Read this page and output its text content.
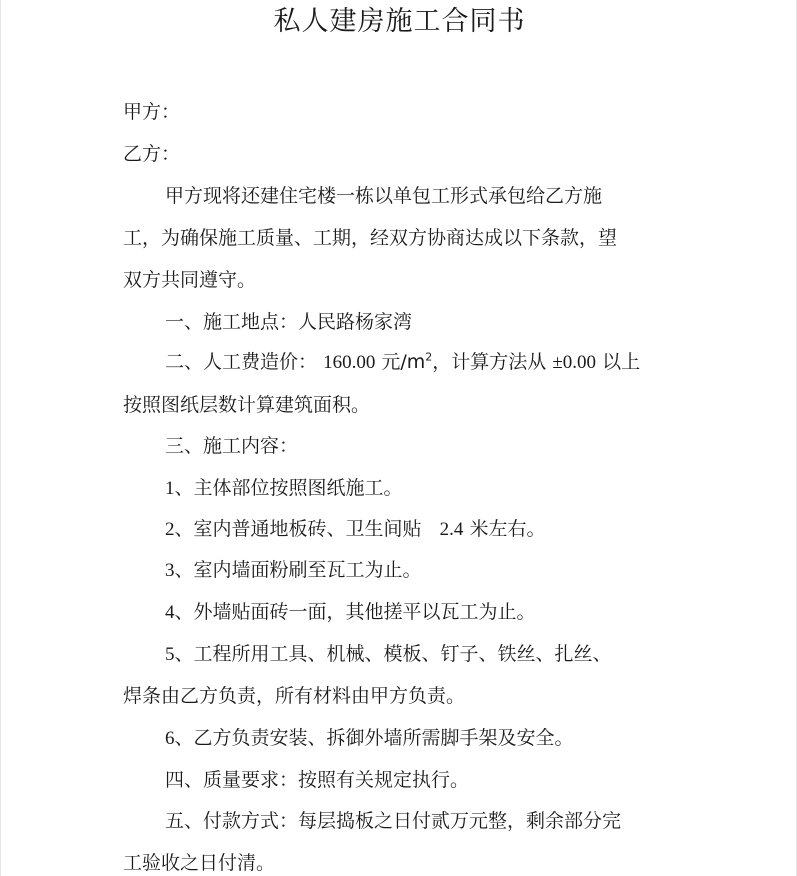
私人建房施工合同书
甲方：
乙方：
甲方现将还建住宅楼一栋以单包工形式承包给乙方施
工，为确保施工质量、工期，经双方协商达成以下条款，望
双方共同遵守。
一、施工地点：人民路杨家湾
二、人工费造价： 160.00 元$/m^2$，计算方法从 ±0.00 以上
按照图纸层数计算建筑面积。
三、施工内容：
1、主体部位按照图纸施工。
2、室内普通地板砖、卫生间贴 2.4 米左右。
3、室内墙面粉刷至瓦工为止。
4、外墙贴面砖一面，其他搓平以瓦工为止。
5、工程所用工具、机械、模板、钉子、铁丝、扎丝、
焊条由乙方负责，所有材料由甲方负责。
6、乙方负责安装、拆御外墙所需脚手架及安全。
四、质量要求：按照有关规定执行。
五、付款方式：每层捣板之日付贰万元整，剩余部分完
工验收之日付清。
